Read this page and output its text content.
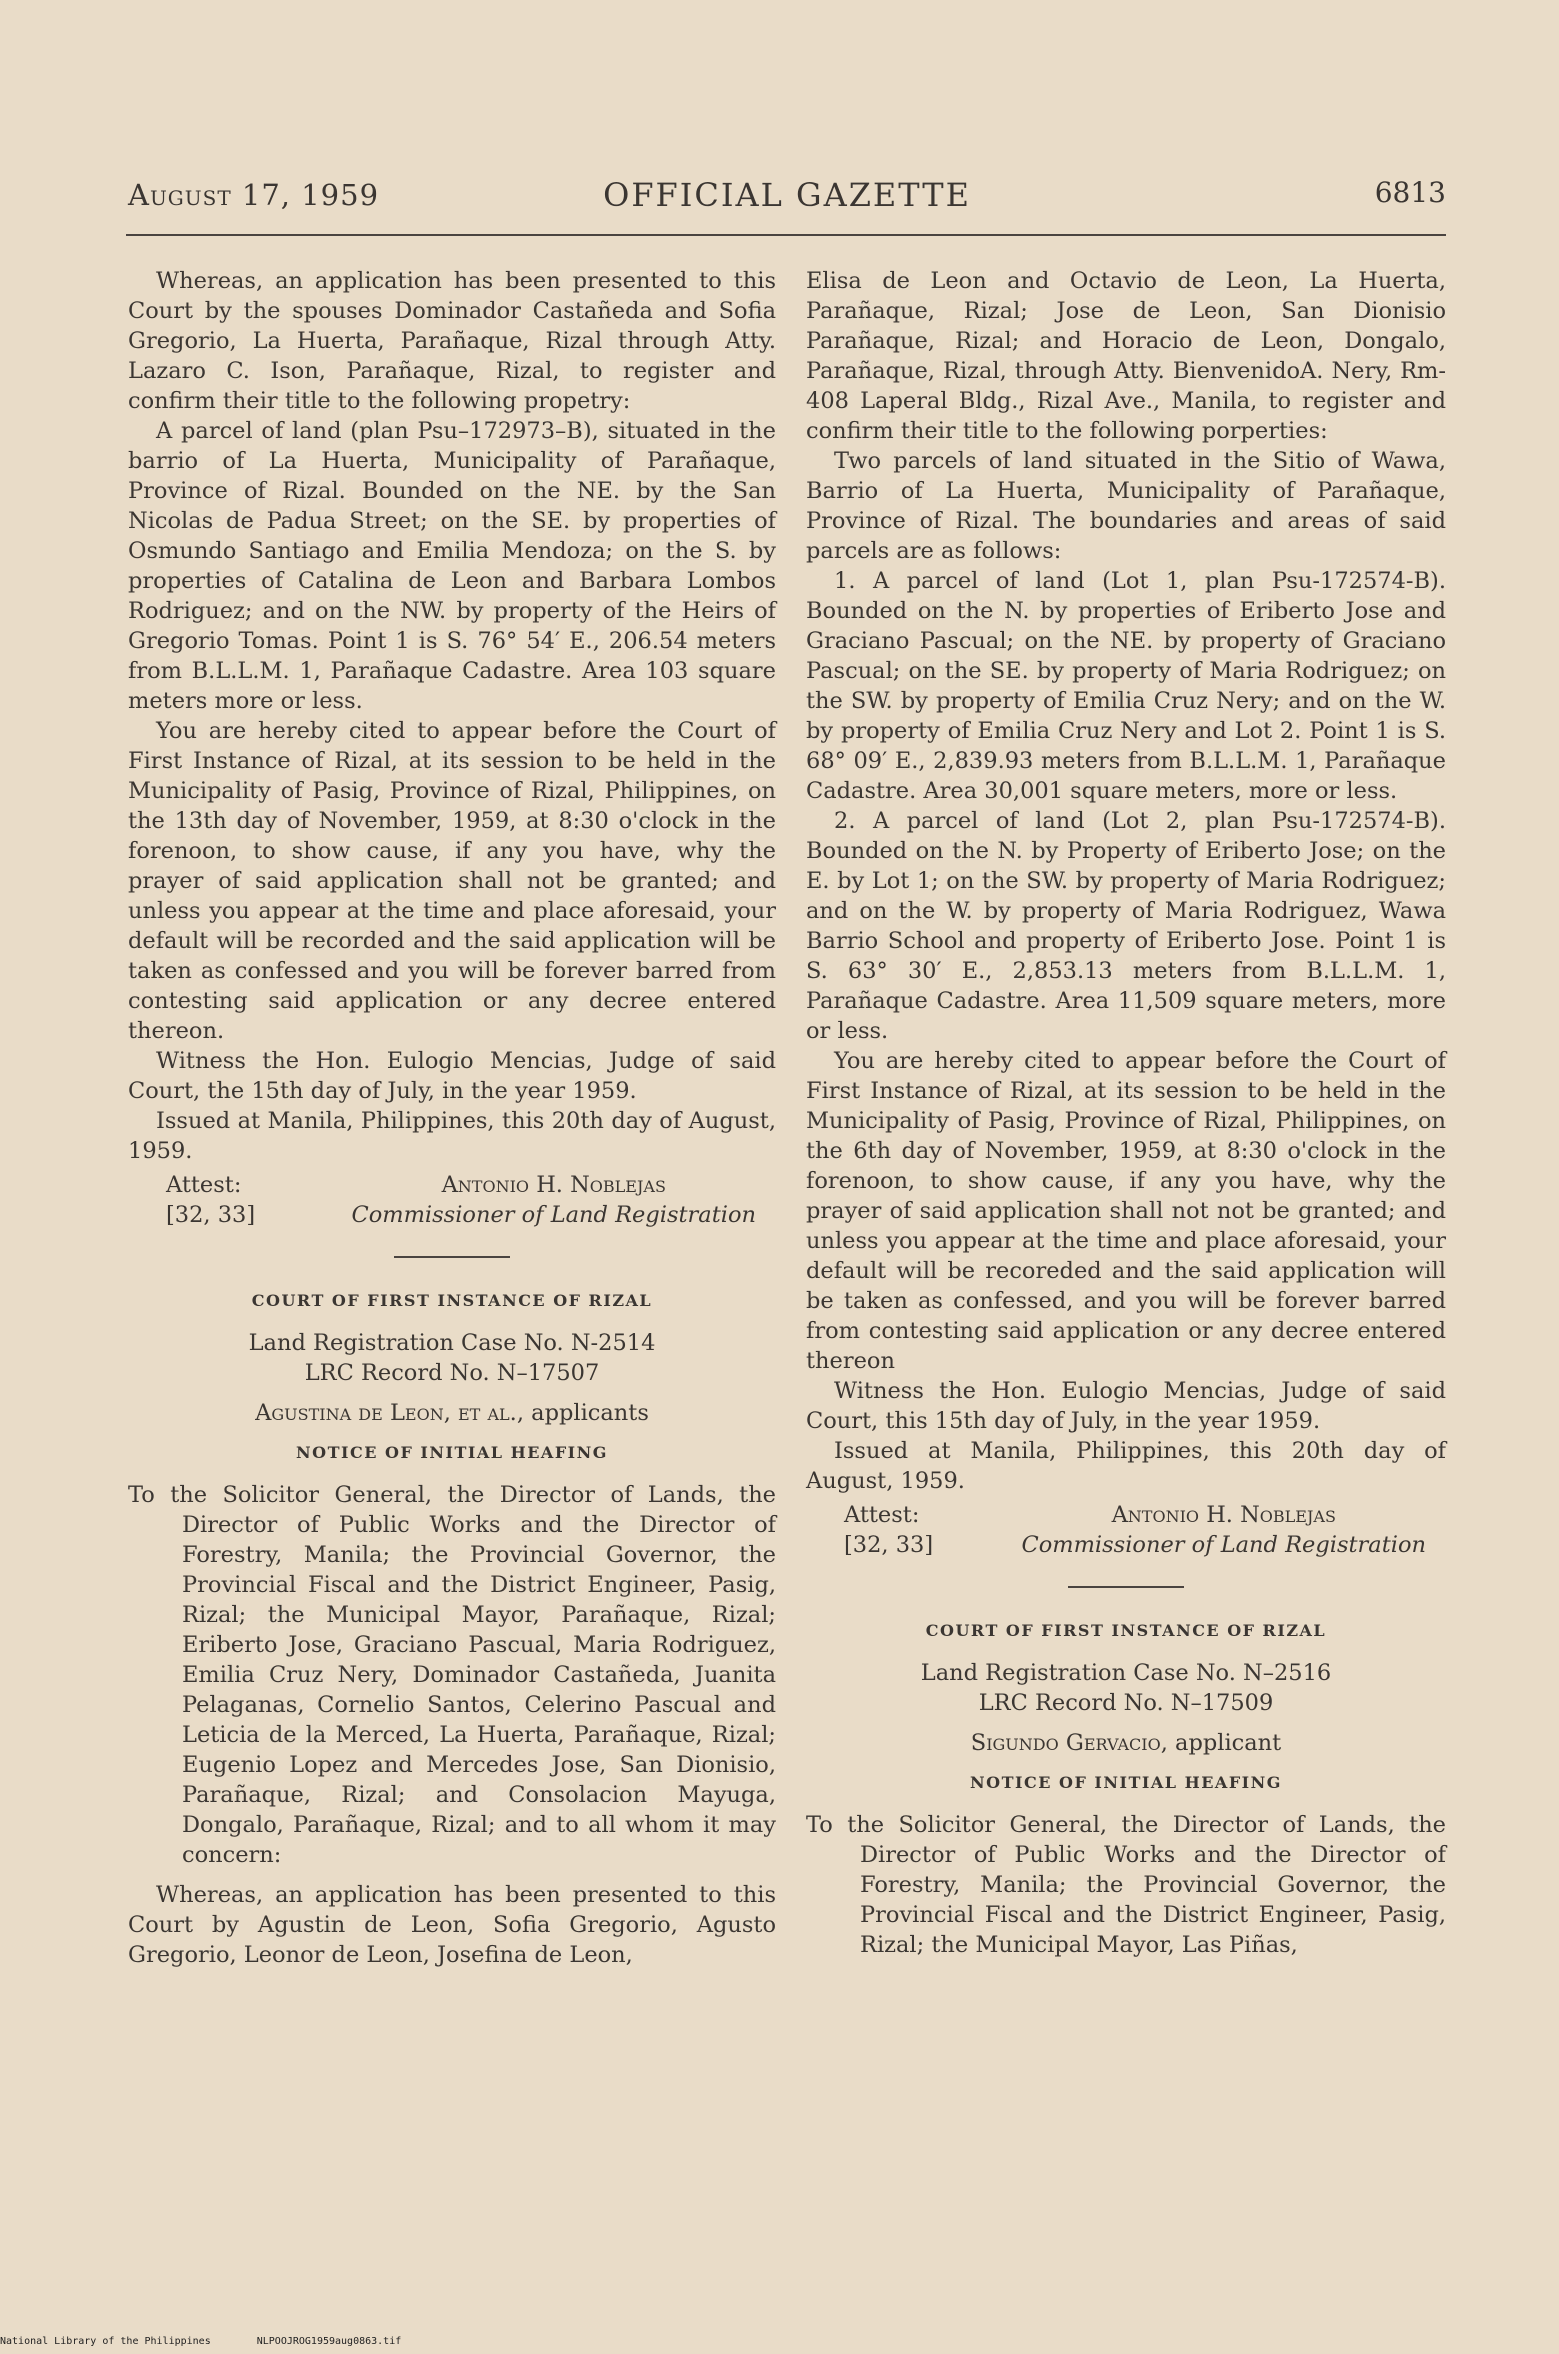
August 17, 1959	OFFICIAL GAZETTE	6813

Whereas, an application has been presented to this Court by the spouses Dominador Castañeda and Sofia Gregorio, La Huerta, Parañaque, Rizal through Atty. Lazaro C. Ison, Parañaque, Rizal, to register and confirm their title to the following propetry:

A parcel of land (plan Psu–172973–B), situated in the barrio of La Huerta, Municipality of Parañaque, Province of Rizal. Bounded on the NE. by the San Nicolas de Padua Street; on the SE. by properties of Osmundo Santiago and Emilia Mendoza; on the S. by properties of Catalina de Leon and Barbara Lombos Rodriguez; and on the NW. by property of the Heirs of Gregorio Tomas. Point 1 is S. 76° 54′ E., 206.54 meters from B.L.L.M. 1, Parañaque Cadastre. Area 103 square meters more or less.

You are hereby cited to appear before the Court of First Instance of Rizal, at its session to be held in the Municipality of Pasig, Province of Rizal, Philippines, on the 13th day of November, 1959, at 8:30 o'clock in the forenoon, to show cause, if any you have, why the prayer of said application shall not be granted; and unless you appear at the time and place aforesaid, your default will be recorded and the said application will be taken as confessed and you will be forever barred from contesting said application or any decree entered thereon.

Witness the Hon. Eulogio Mencias, Judge of said Court, the 15th day of July, in the year 1959.

Issued at Manila, Philippines, this 20th day of August, 1959.

Attest:
[32, 33]
Antonio H. Noblejas
Commissioner of Land Registration
COURT OF FIRST INSTANCE OF RIZAL

Land Registration Case No. N-2514

LRC Record No. N–17507

Agustina de Leon, et al., applicants

NOTICE OF INITIAL HEAFING

To the Solicitor General, the Director of Lands, the Director of Public Works and the Director of Forestry, Manila; the Provincial Governor, the Provincial Fiscal and the District Engineer, Pasig, Rizal; the Municipal Mayor, Parañaque, Rizal; Eriberto Jose, Graciano Pascual, Maria Rodriguez, Emilia Cruz Nery, Dominador Castañeda, Juanita Pelaganas, Cornelio Santos, Celerino Pascual and Leticia de la Merced, La Huerta, Parañaque, Rizal; Eugenio Lopez and Mercedes Jose, San Dionisio, Parañaque, Rizal; and Consolacion Mayuga, Dongalo, Parañaque, Rizal; and to all whom it may concern:

Whereas, an application has been presented to this Court by Agustin de Leon, Sofia Gregorio, Agusto Gregorio, Leonor de Leon, Josefina de Leon,

Elisa de Leon and Octavio de Leon, La Huerta, Parañaque, Rizal; Jose de Leon, San Dionisio Parañaque, Rizal; and Horacio de Leon, Dongalo, Parañaque, Rizal, through Atty. BienvenidoA. Nery, Rm-408 Laperal Bldg., Rizal Ave., Manila, to register and confirm their title to the following porperties:

Two parcels of land situated in the Sitio of Wawa, Barrio of La Huerta, Municipality of Parañaque, Province of Rizal. The boundaries and areas of said parcels are as follows:

1. A parcel of land (Lot 1, plan Psu-172574-B). Bounded on the N. by properties of Eriberto Jose and Graciano Pascual; on the NE. by property of Graciano Pascual; on the SE. by property of Maria Rodriguez; on the SW. by property of Emilia Cruz Nery; and on the W. by property of Emilia Cruz Nery and Lot 2. Point 1 is S. 68° 09′ E., 2,839.93 meters from B.L.L.M. 1, Parañaque Cadastre. Area 30,001 square meters, more or less.

2. A parcel of land (Lot 2, plan Psu-172574-B). Bounded on the N. by Property of Eriberto Jose; on the E. by Lot 1; on the SW. by property of Maria Rodriguez; and on the W. by property of Maria Rodriguez, Wawa Barrio School and property of Eriberto Jose. Point 1 is S. 63° 30′ E., 2,853.13 meters from B.L.L.M. 1, Parañaque Cadastre. Area 11,509 square meters, more or less.

You are hereby cited to appear before the Court of First Instance of Rizal, at its session to be held in the Municipality of Pasig, Province of Rizal, Philippines, on the 6th day of November, 1959, at 8:30 o'clock in the forenoon, to show cause, if any you have, why the prayer of said application shall not not be granted; and unless you appear at the time and place aforesaid, your default will be recoreded and the said application will be taken as confessed, and you will be forever barred from contesting said application or any decree entered thereon

Witness the Hon. Eulogio Mencias, Judge of said Court, this 15th day of July, in the year 1959.

Issued at Manila, Philippines, this 20th day of August, 1959.

Attest:
[32, 33]
Antonio H. Noblejas
Commissioner of Land Registration
COURT OF FIRST INSTANCE OF RIZAL

Land Registration Case No. N–2516

LRC Record No. N–17509

Sigundo Gervacio, applicant

NOTICE OF INITIAL HEAFING

To the Solicitor General, the Director of Lands, the Director of Public Works and the Director of Forestry, Manila; the Provincial Governor, the Provincial Fiscal and the District Engineer, Pasig, Rizal; the Municipal Mayor, Las Piñas,

National Library of the Philippines	NLPOOJROG1959aug0863.tif
